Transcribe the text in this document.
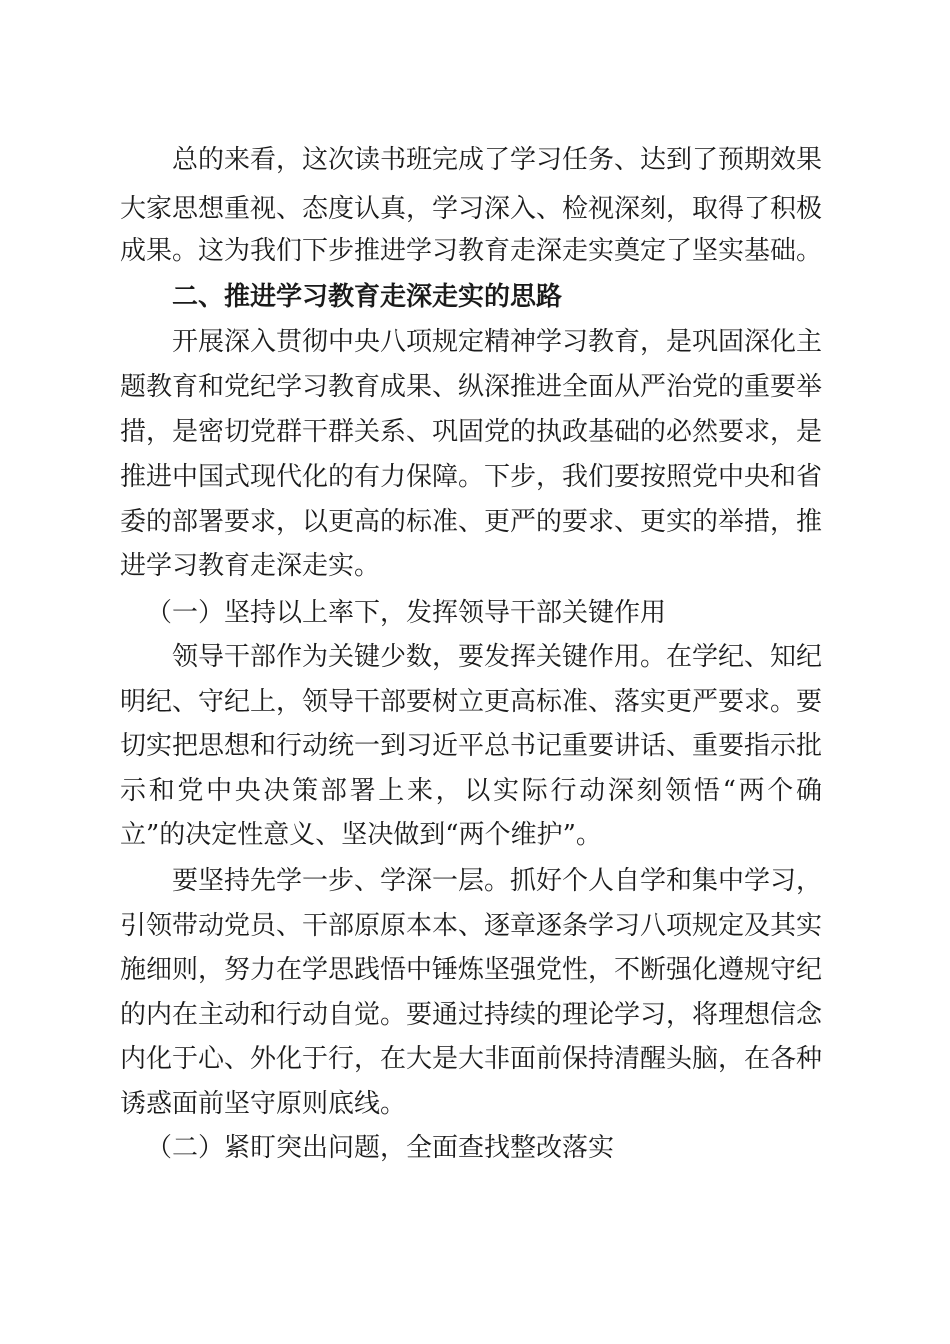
总的来看，这次读书班完成了学习任务、达到了预期效果
大家思想重视、态度认真，学习深入、检视深刻，取得了积极
成果。这为我们下步推进学习教育走深走实奠定了坚实基础。
二、推进学习教育走深走实的思路
开展深入贯彻中央八项规定精神学习教育，是巩固深化主
题教育和党纪学习教育成果、纵深推进全面从严治党的重要举
措，是密切党群干群关系、巩固党的执政基础的必然要求，是
推进中国式现代化的有力保障。下步，我们要按照党中央和省
委的部署要求，以更高的标准、更严的要求、更实的举措，推
进学习教育走深走实。
（一）坚持以上率下，发挥领导干部关键作用
领导干部作为关键少数，要发挥关键作用。在学纪、知纪
明纪、守纪上，领导干部要树立更高标准、落实更严要求。要
切实把思想和行动统一到习近平总书记重要讲话、重要指示批
示和党中央决策部署上来，以实际行动深刻领悟“两个确
立”的决定性意义、坚决做到“两个维护”。
要坚持先学一步、学深一层。抓好个人自学和集中学习，
引领带动党员、干部原原本本、逐章逐条学习八项规定及其实
施细则，努力在学思践悟中锤炼坚强党性，不断强化遵规守纪
的内在主动和行动自觉。要通过持续的理论学习，将理想信念
内化于心、外化于行，在大是大非面前保持清醒头脑，在各种
诱惑面前坚守原则底线。
（二）紧盯突出问题，全面查找整改落实
